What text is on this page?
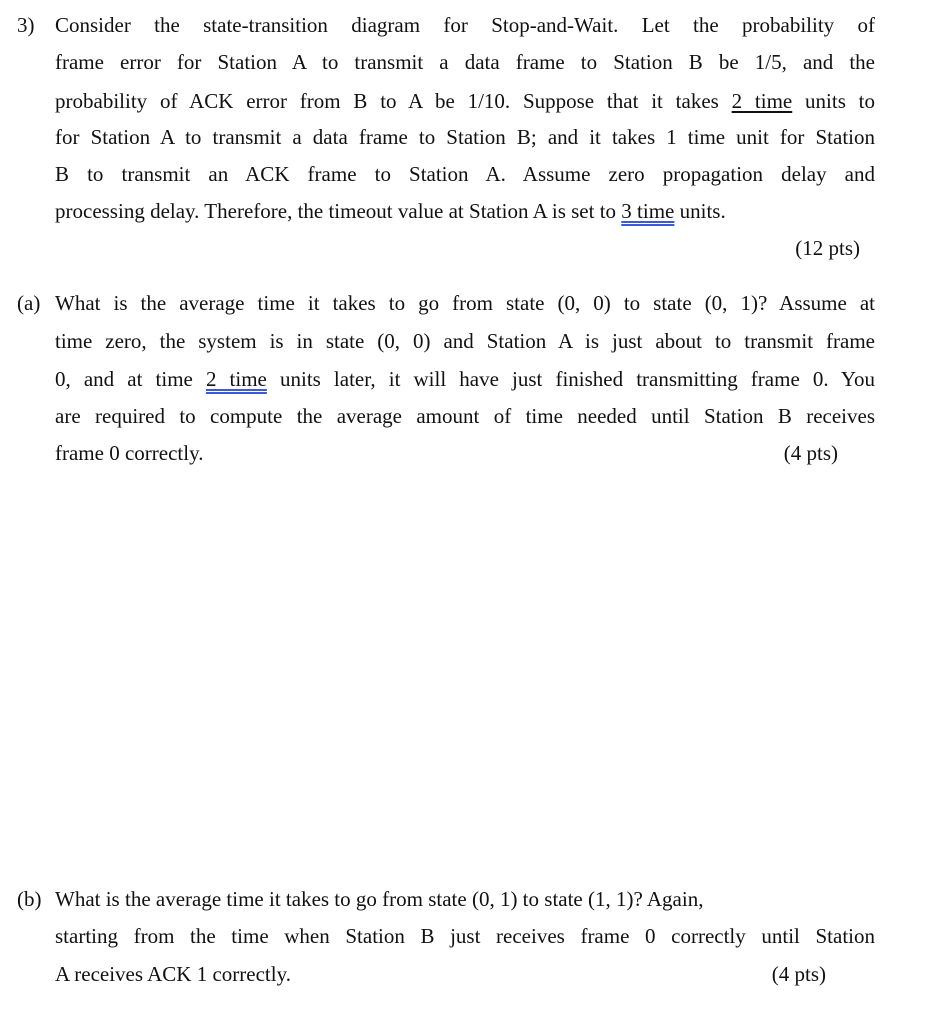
3) Consider the state-transition diagram for Stop-and-Wait. Let the probability of
frame error for Station A to transmit a data frame to Station B be 1/5, and the
probability of ACK error from B to A be 1/10. Suppose that it takes 2 time units to
for Station A to transmit a data frame to Station B; and it takes 1 time unit for Station
B to transmit an ACK frame to Station A. Assume zero propagation delay and
processing delay. Therefore, the timeout value at Station A is set to 3 time units.
(12 pts)
(a) What is the average time it takes to go from state (0, 0) to state (0, 1)? Assume at
time zero, the system is in state (0, 0) and Station A is just about to transmit frame
0, and at time 2 time units later, it will have just finished transmitting frame 0. You
are required to compute the average amount of time needed until Station B receives
frame 0 correctly.	(4 pts)
(b) What is the average time it takes to go from state (0, 1) to state (1, 1)? Again,
starting from the time when Station B just receives frame 0 correctly until Station
A receives ACK 1 correctly.	(4 pts)
